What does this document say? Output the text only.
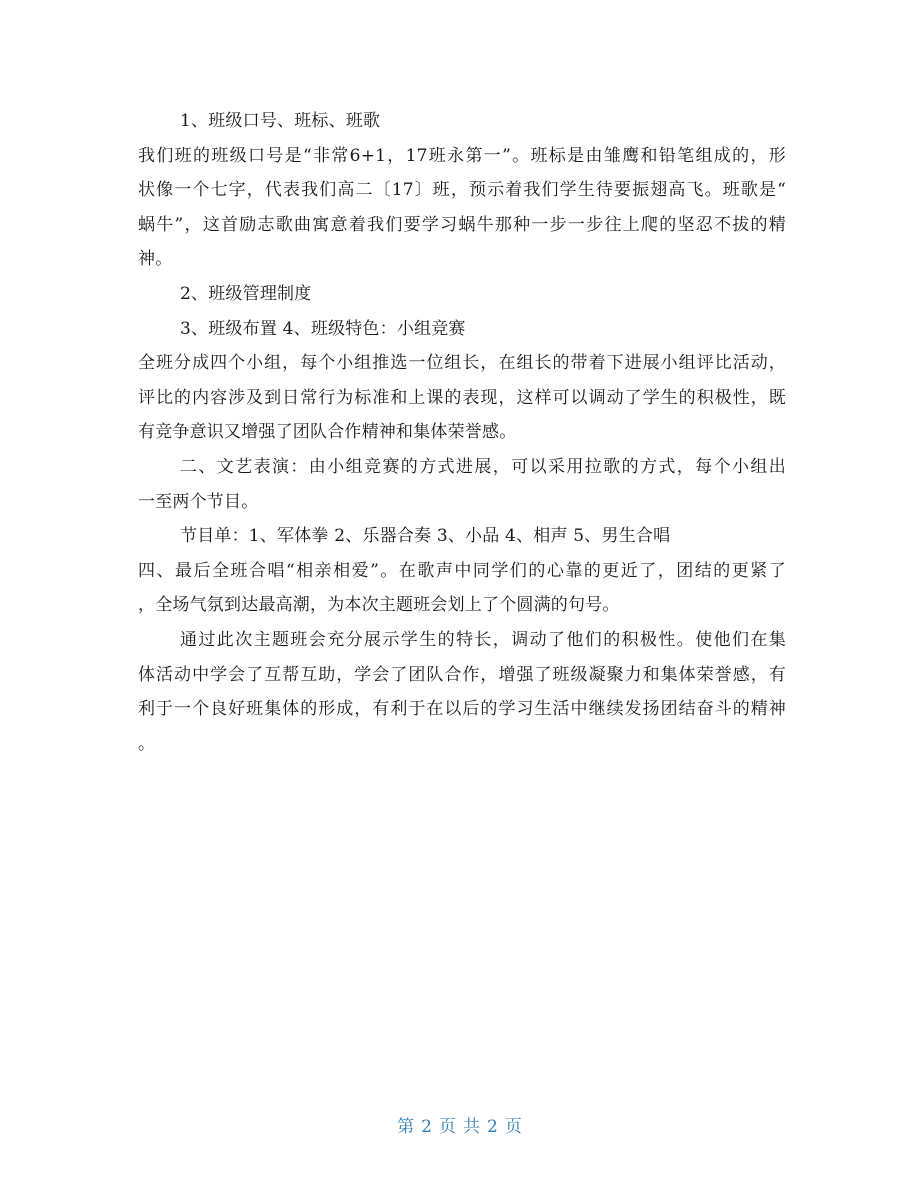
1、班级口号、班标、班歌
我们班的班级口号是“非常6+1，17班永第一”。班标是由雏鹰和铅笔组成的，形
状像一个七字，代表我们高二〔17〕班，预示着我们学生待要振翅高飞。班歌是“
蜗牛”，这首励志歌曲寓意着我们要学习蜗牛那种一步一步往上爬的坚忍不拔的精
神。
2、班级管理制度
3、班级布置 4、班级特色：小组竞赛
全班分成四个小组，每个小组推选一位组长，在组长的带着下进展小组评比活动，
评比的内容涉及到日常行为标准和上课的表现，这样可以调动了学生的积极性，既
有竞争意识又增强了团队合作精神和集体荣誉感。
二、文艺表演：由小组竞赛的方式进展，可以采用拉歌的方式，每个小组出
一至两个节目。
节目单：1、军体拳 2、乐器合奏 3、小品 4、相声 5、男生合唱
四、最后全班合唱“相亲相爱”。在歌声中同学们的心靠的更近了，团结的更紧了
，全场气氛到达最高潮，为本次主题班会划上了个圆满的句号。
通过此次主题班会充分展示学生的特长，调动了他们的积极性。使他们在集
体活动中学会了互帮互助，学会了团队合作，增强了班级凝聚力和集体荣誉感，有
利于一个良好班集体的形成，有利于在以后的学习生活中继续发扬团结奋斗的精神
。
第 2 页 共 2 页
